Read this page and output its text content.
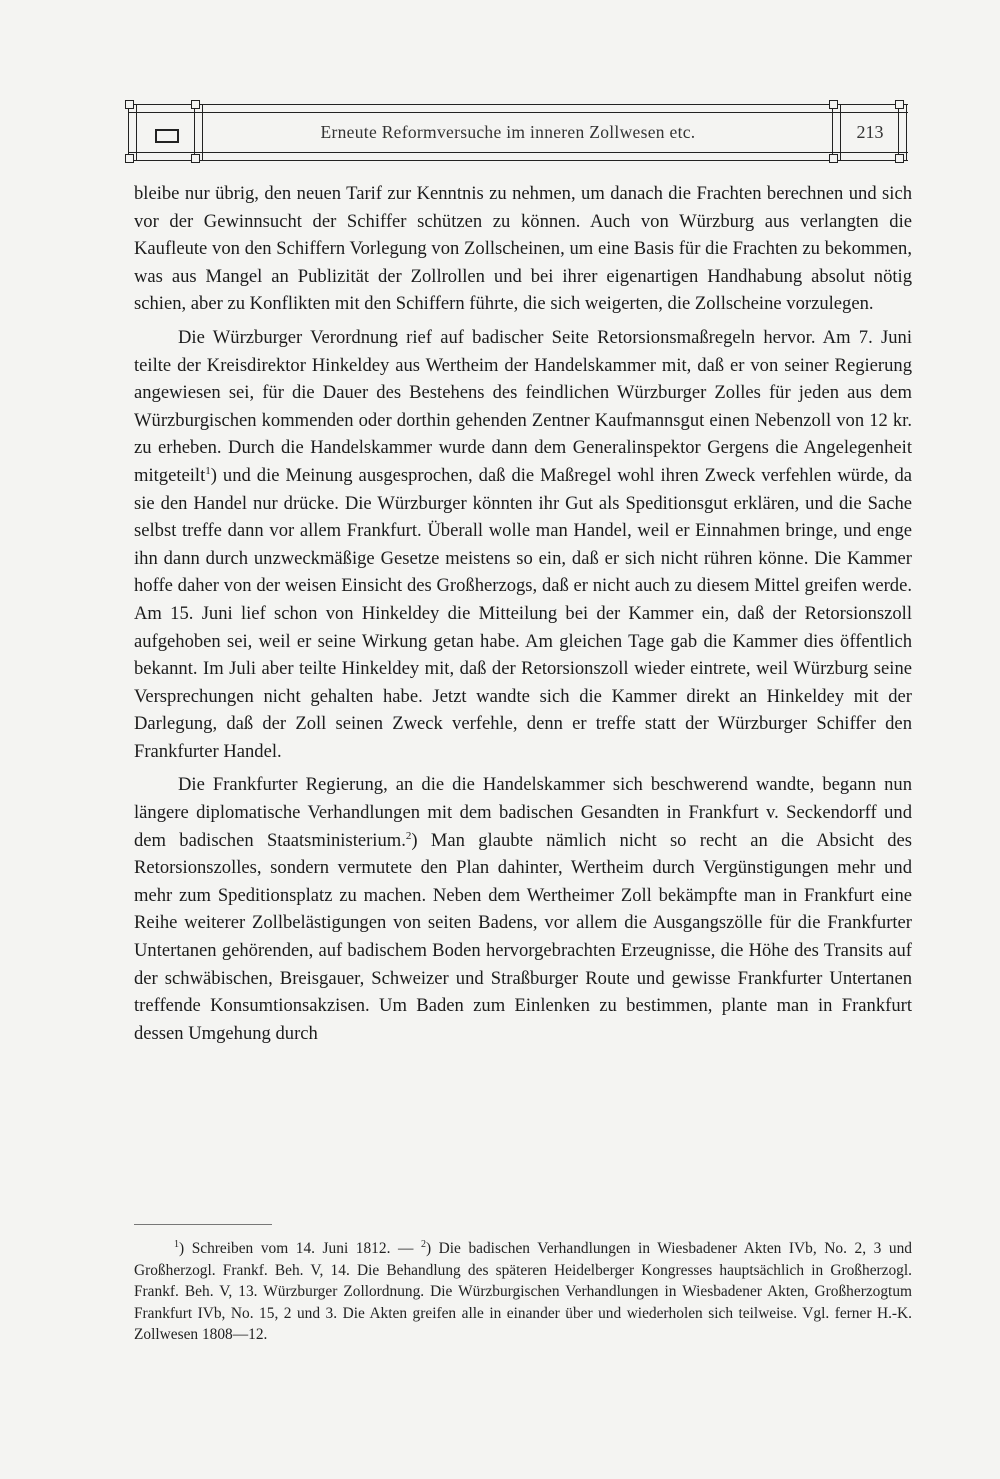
Erneute Reformversuche im inneren Zollwesen etc.	213

bleibe nur übrig, den neuen Tarif zur Kenntnis zu nehmen, um danach die Frachten berechnen und sich vor der Gewinnsucht der Schiffer schützen zu können. Auch von Würzburg aus verlangten die Kaufleute von den Schiffern Vorlegung von Zollscheinen, um eine Basis für die Frachten zu bekommen, was aus Mangel an Publizität der Zollrollen und bei ihrer eigenartigen Handhabung absolut nötig schien, aber zu Konflikten mit den Schiffern führte, die sich weigerten, die Zollscheine vorzulegen.

Die Würzburger Verordnung rief auf badischer Seite Retorsionsmaßregeln hervor. Am 7. Juni teilte der Kreisdirektor Hinkeldey aus Wertheim der Handelskammer mit, daß er von seiner Regierung angewiesen sei, für die Dauer des Bestehens des feindlichen Würzburger Zolles für jeden aus dem Würzburgischen kommenden oder dorthin gehenden Zentner Kaufmannsgut einen Nebenzoll von 12 kr. zu erheben. Durch die Handelskammer wurde dann dem Generalinspektor Gergens die Angelegenheit mitgeteilt$^1$) und die Meinung ausgesprochen, daß die Maßregel wohl ihren Zweck verfehlen würde, da sie den Handel nur drücke. Die Würzburger könnten ihr Gut als Speditionsgut erklären, und die Sache selbst treffe dann vor allem Frankfurt. Überall wolle man Handel, weil er Einnahmen bringe, und enge ihn dann durch unzweckmäßige Gesetze meistens so ein, daß er sich nicht rühren könne. Die Kammer hoffe daher von der weisen Einsicht des Großherzogs, daß er nicht auch zu diesem Mittel greifen werde. Am 15. Juni lief schon von Hinkeldey die Mitteilung bei der Kammer ein, daß der Retorsionszoll aufgehoben sei, weil er seine Wirkung getan habe. Am gleichen Tage gab die Kammer dies öffentlich bekannt. Im Juli aber teilte Hinkeldey mit, daß der Retorsionszoll wieder eintrete, weil Würzburg seine Versprechungen nicht gehalten habe. Jetzt wandte sich die Kammer direkt an Hinkeldey mit der Darlegung, daß der Zoll seinen Zweck verfehle, denn er treffe statt der Würzburger Schiffer den Frankfurter Handel.

Die Frankfurter Regierung, an die die Handelskammer sich beschwerend wandte, begann nun längere diplomatische Verhandlungen mit dem badischen Gesandten in Frankfurt v. Seckendorff und dem badischen Staatsministerium.$^2$) Man glaubte nämlich nicht so recht an die Absicht des Retorsionszolles, sondern vermutete den Plan dahinter, Wertheim durch Vergünstigungen mehr und mehr zum Speditionsplatz zu machen. Neben dem Wertheimer Zoll bekämpfte man in Frankfurt eine Reihe weiterer Zollbelästigungen von seiten Badens, vor allem die Ausgangszölle für die Frankfurter Untertanen gehörenden, auf badischem Boden hervorgebrachten Erzeugnisse, die Höhe des Transits auf der schwäbischen, Breisgauer, Schweizer und Straßburger Route und gewisse Frankfurter Untertanen treffende Konsumtionsakzisen. Um Baden zum Einlenken zu bestimmen, plante man in Frankfurt dessen Umgehung durch

$^1$) Schreiben vom 14. Juni 1812. — $^2$) Die badischen Verhandlungen in Wiesbadener Akten IVb, No. 2, 3 und Großherzogl. Frankf. Beh. V, 14. Die Behandlung des späteren Heidelberger Kongresses hauptsächlich in Großherzogl. Frankf. Beh. V, 13. Würzburger Zollordnung. Die Würzburgischen Verhandlungen in Wiesbadener Akten, Großherzogtum Frankfurt IVb, No. 15, 2 und 3. Die Akten greifen alle in einander über und wiederholen sich teilweise. Vgl. ferner H.-K. Zollwesen 1808—12.
